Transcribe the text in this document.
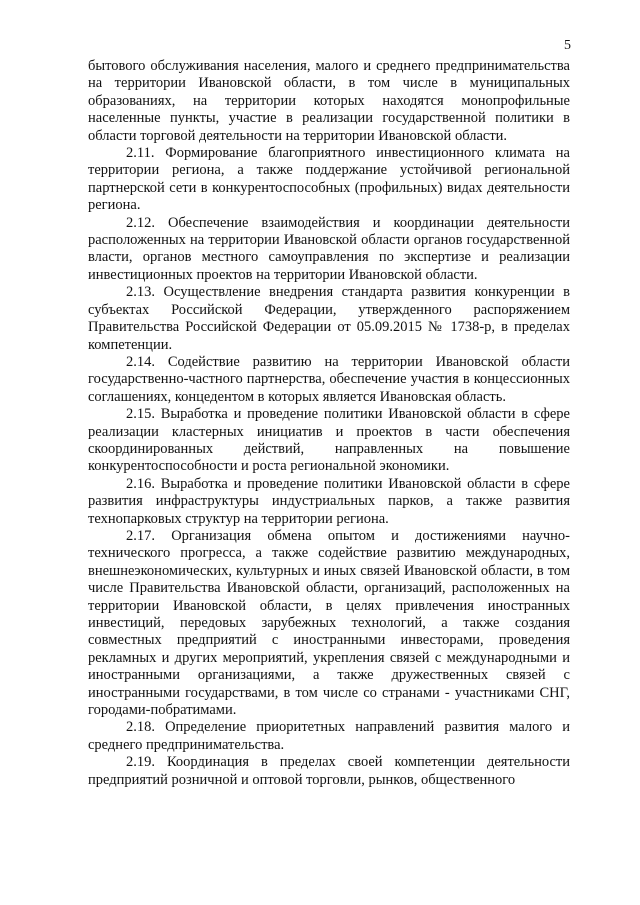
5

бытового обслуживания населения, малого и среднего предпринимательства на территории Ивановской области, в том числе в муниципальных образованиях, на территории которых находятся монопрофильные населенные пункты, участие в реализации государственной политики в области торговой деятельности на территории Ивановской области.

2.11. Формирование благоприятного инвестиционного климата на территории региона, а также поддержание устойчивой региональной партнерской сети в конкурентоспособных (профильных) видах деятельности региона.

2.12. Обеспечение взаимодействия и координации деятельности расположенных на территории Ивановской области органов государственной власти, органов местного самоуправления по экспертизе и реализации инвестиционных проектов на территории Ивановской области.

2.13. Осуществление внедрения стандарта развития конкуренции в субъектах Российской Федерации, утвержденного распоряжением Правительства Российской Федерации от 05.09.2015 № 1738-р, в пределах компетенции.

2.14. Содействие развитию на территории Ивановской области государственно-частного партнерства, обеспечение участия в концессионных соглашениях, концедентом в которых является Ивановская область.

2.15. Выработка и проведение политики Ивановской области в сфере реализации кластерных инициатив и проектов в части обеспечения скоординированных действий, направленных на повышение конкурентоспособности и роста региональной экономики.

2.16. Выработка и проведение политики Ивановской области в сфере развития инфраструктуры индустриальных парков, а также развития технопарковых структур на территории региона.

2.17. Организация обмена опытом и достижениями научно-технического прогресса, а также содействие развитию международных, внешнеэкономических, культурных и иных связей Ивановской области, в том числе Правительства Ивановской области, организаций, расположенных на территории Ивановской области, в целях привлечения иностранных инвестиций, передовых зарубежных технологий, а также создания совместных предприятий с иностранными инвесторами, проведения рекламных и других мероприятий, укрепления связей с международными и иностранными организациями, а также дружественных связей с иностранными государствами, в том числе со странами - участниками СНГ, городами-побратимами.

2.18. Определение приоритетных направлений развития малого и среднего предпринимательства.

2.19. Координация в пределах своей компетенции деятельности предприятий розничной и оптовой торговли, рынков, общественного
